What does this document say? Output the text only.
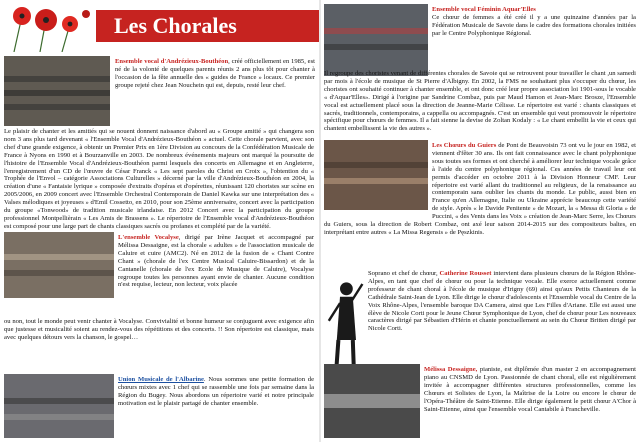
Les Chorales
Ensemble vocal d'Andrézieux-Bouthéon, créé officiellement en 1985, est né de la volonté de quelques parents réunis 2 ans plus tôt pour chanter à l'occasion de la fête annuelle des « guides de France » locaux. Ce premier groupe rejeté chez Jean Nouchein qui est, depuis, resté leur chef.
Le plaisir de chanter et les amitiés qui se nouent donnent naissance d'abord au « Groupe amitié » qui changera son nom 3 ans plus tard devenant « l'Ensemble Vocal d'Andrézieux-Bouthéon » actuel. Cette chorale parvient, avec son chef d'une grande exigence, à obtenir un Premier Prix en 1ère Division au concours de la Confédération Musicale de France à Nyons en 1990 et à Bourzanville en 2003. De nombreux événements majeurs ont marqué la poursuite de l'histoire de l'Ensemble Vocal d'Andrézieux-Bouthéon parmi lesquels des concerts en Allemagne et en Angleterre, l'enregistrement d'un CD de l'œuvre de César Franck « Les sept paroles du Christ en Croix », l'obtention du « Trophée de l'Envol – catégorie Associations Culturelles » décerné par la ville d'Andrézieux-Bouthéon en 2004, la création d'une « Fantaisie lyrique » composée d'extraits d'opéras et d'opérettes, réunissant 120 choristes sur scène en 2005/2006, en 2009 concert avec l'Ensemble Orchestral Contemporain de Daniel Kawka sur une interprétation des « Valses mélodiques et joyeuses » d'Emil Cossetto, en 2010, pour son 25ème anniversaire, concert avec la participation du groupe «Tonwood» de tradition musicale irlandaise. En 2012 Concert avec la participation du groupe professionnel Montpellièrain « Les Amis de Brassens ». Le répertoire de l'Ensemble vocal d'Andrézieux-Bouthéon est composé pour une large part de chants classiques sacrés ou profanes et complété par de la variété.
L'ensemble Vocalyse, dirigé par Irène Jacquet et accompagné par Mélissa Dessaigne, est la chorale « adultes » de l'association musicale de Caluire et cuire (AMC2). Né en 2012 de la fusion de « Chant Contre Chant » (chorale de l'ex Centre Musical Caluire-Bissardon) et de la Cantanelle (chorale de l'ex Ecole de Musique de Caluire), Vocalyse regroupe toutes les personnes ayant envie de chanter. Aucune condition n'est requise, lecteur, non lecteur, voix placée
ou non, tout le monde peut venir chanter à Vocalyse. Convivialité et bonne humeur se conjuguent avec exigence afin que justesse et musicalité soient au rendez-vous des répétitions et des concerts. !! Son répertoire est classique, mais avec quelques détours vers la chanson, le gospel…
Union Musicale de l'Albarine. Nous sommes une petite formation de chœurs mixtes avec 1 chef qui se rassemble une fois par semaine dans la Région du Bugey. Nous abordons un répertoire varié et notre principale motivation est le plaisir partagé de chanter ensemble.
Ensemble vocal Féminin Aquar'Elles
Ce chœur de femmes a été créé il y a une quinzaine d'années par la Fédération Musicale de Savoie dans le cadre des formations chorales initiées par le Centre Polyphonique Régional.
Il regroupe des choristes venant de différentes chorales de Savoie qui se retrouvent pour travailler le chant ,un samedi par mois à l'école de musique de St Pierre d'Albigny. En 2002, la FMS ne souhaitant plus s'occuper du chœur, les choristes ont souhaité continuer à chanter ensemble, et ont donc créé leur propre association loi 1901-sous le vocable « d'Aquar'Elles». Dirigé à l'origine par Sandrine Combaz, puis par Maud Hamon et Jean-Marc Brosze, l'Ensemble vocal est actuellement placé sous la direction de Jeanne-Marie Célisse. Le répertoire est varié : chants classiques et sacrés, traditionnels, contemporains, a cappella ou accompagnés. C'est un ensemble qui veut promouvoir le répertoire spécifique pour chœurs de femmes. Il a fait sienne la devise de Zoltan Kodaly : « Le chant embellit la vie et ceux qui chantent embellissent la vie des autres ».
Les Chœurs du Guiers de Pont de Beauvoisin 73 ont vu le jour en 1982, et viennent d'fêter 30 ans. Ils ont fait connaissance avec le chant polyphonique sous toutes ses formes et ont cherché à améliorer leur technique vocale grâce à l'aide du centre polyphonique régional. Ces années de travail leur ont permis d'accéder en octobre 2011 à la Division Honneur CMF. Leur répertoire est varié allant du traditionnel au religieux, de la renaissance au contemporain sans oublier les chants du monde. Le public, aussi bien en France qu'en Allemagne, Italie ou Ukraine apprécie beaucoup cette variété de style. Après « le Davide Penitente » de Mozart, la « Messa di Gloria » de Puccini, « des Vents dans les Voix » création de Jean-Marc Serre, les Chœurs du Guiers, sous la direction de Robert Combaz, ont axé leur saison 2014-2015 sur des compositeurs baltes, en interprétant entre autres « La Missa Regensis » de Pęszkinis.
Soprano et chef de chœur, Catherine Rousset intervient dans plusieurs chœurs de la Région Rhône-Alpes, en tant que chef de chœur ou pour la technique vocale. Elle exerce actuellement comme professeur de chant choral à l'école de musique d'Irigny (69) ainsi qu'aux Petits Chanteurs de la Cathédrale Saint-Jean de Lyon. Elle dirige le chœur d'adolescents et l'Ensemble vocal du Centre de la Voix Rhône-Alpes, l'ensemble baroque DA Camera, ainsi que Les Filles d'Ariane. Elle est aussi une élève de Nicole Corti pour le Jeune Chœur Symphonique de Lyon, chef de chœur pour Les nouveaux caractères dirigé par Sébastien d'Hérin et chante ponctuellement au sein du Chœur Britten dirigé par Nicole Corti.
Mélissa Dessaigne, pianiste, est diplômée d'un master 2 en accompagnement piano au CNSMD de Lyon. Passionnée de chant choral, elle est régulièrement invitée à accompagner différentes structures professionnelles, comme les Chœurs et Solistes de Lyon, la Maîtrise de la Loire ou encore le chœur de l'Opéra-Théâtre de Saint-Etienne. Elle dirige également le petit chœur A'Chor à Saint-Etienne, ainsi que l'ensemble vocal Cantabile à Francheville.
